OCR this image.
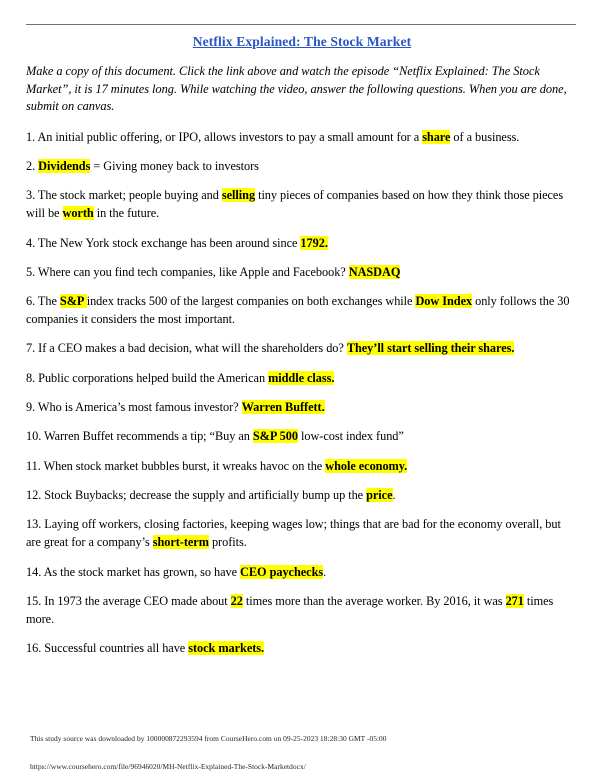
Netflix Explained: The Stock Market

Make a copy of this document. Click the link above and watch the episode “Netflix Explained: The Stock Market”, it is 17 minutes long. While watching the video, answer the following questions. When you are done, submit on canvas.

1. An initial public offering, or IPO, allows investors to pay a small amount for a share of a business.

2. Dividends = Giving money back to investors

3. The stock market; people buying and selling tiny pieces of companies based on how they think those pieces will be worth in the future.

4. The New York stock exchange has been around since 1792.

5. Where can you find tech companies, like Apple and Facebook? NASDAQ

6. The S&P index tracks 500 of the largest companies on both exchanges while Dow Index only follows the 30 companies it considers the most important.

7. If a CEO makes a bad decision, what will the shareholders do? They’ll start selling their shares.

8. Public corporations helped build the American middle class.

9. Who is America’s most famous investor? Warren Buffett.

10. Warren Buffet recommends a tip; “Buy an S&P 500 low-cost index fund”

11. When stock market bubbles burst, it wreaks havoc on the whole economy.

12. Stock Buybacks; decrease the supply and artificially bump up the price.

13. Laying off workers, closing factories, keeping wages low; things that are bad for the economy overall, but are great for a company’s short-term profits.

14. As the stock market has grown, so have CEO paychecks.

15. In 1973 the average CEO made about 22 times more than the average worker. By 2016, it was 271 times more.

16. Successful countries all have stock markets.

This study source was downloaded by 100000872293594 from CourseHero.com on 09-25-2023 18:28:30 GMT -05:00
https://www.coursehero.com/file/96946020/MH-Netflix-Explained-The-Stock-Marketdocx/
